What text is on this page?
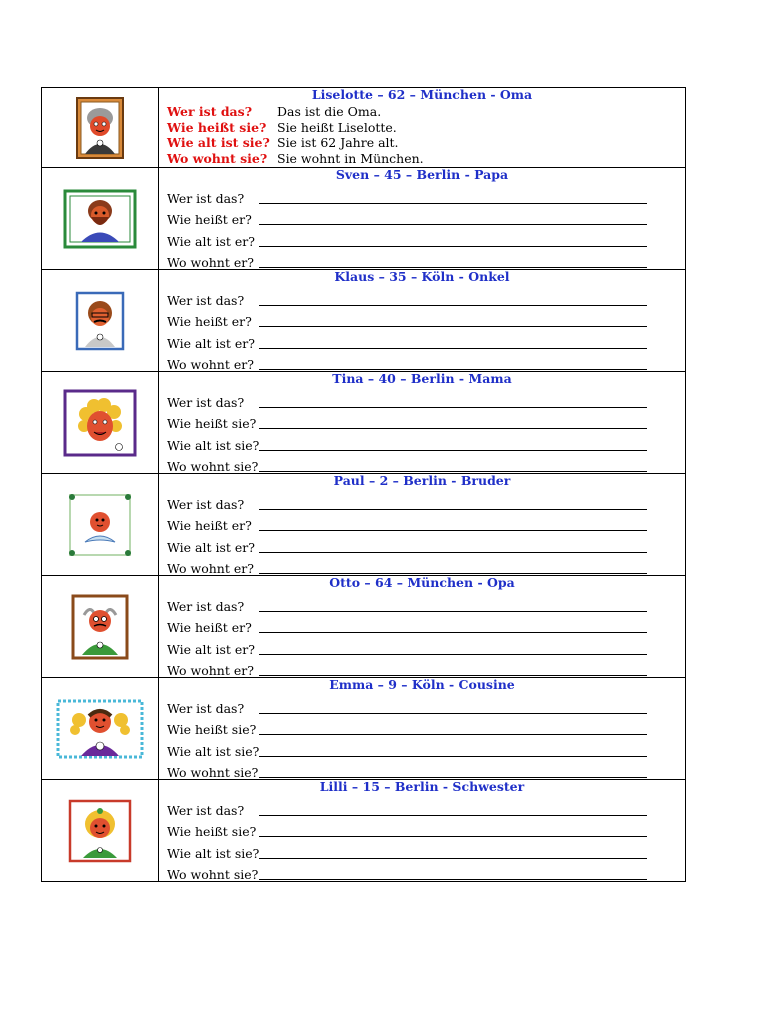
Liselotte – 62 – München - Oma
Wer ist das?	Das ist die Oma.
Wie heißt sie? Sie heißt Liselotte.
Wie alt ist sie? Sie ist 62 Jahre alt.
Wo wohnt sie? Sie wohnt in München.
Sven – 45 – Berlin - Papa
Wer ist das?
Wie heißt er?
Wie alt ist er?
Wo wohnt er?
Klaus – 35 – Köln - Onkel
Wer ist das?
Wie heißt er?
Wie alt ist er?
Wo wohnt er?
Tina – 40 – Berlin - Mama
Wer ist das?
Wie heißt sie?
Wie alt ist sie?
Wo wohnt sie?
Paul – 2 – Berlin - Bruder
Wer ist das?
Wie heißt er?
Wie alt ist er?
Wo wohnt er?
Otto – 64 – München - Opa
Wer ist das?
Wie heißt er?
Wie alt ist er?
Wo wohnt er?
Emma – 9 – Köln - Cousine
Wer ist das?
Wie heißt sie?
Wie alt ist sie?
Wo wohnt sie?
Lilli – 15 – Berlin - Schwester
Wer ist das?
Wie heißt sie?
Wie alt ist sie?
Wo wohnt sie?
